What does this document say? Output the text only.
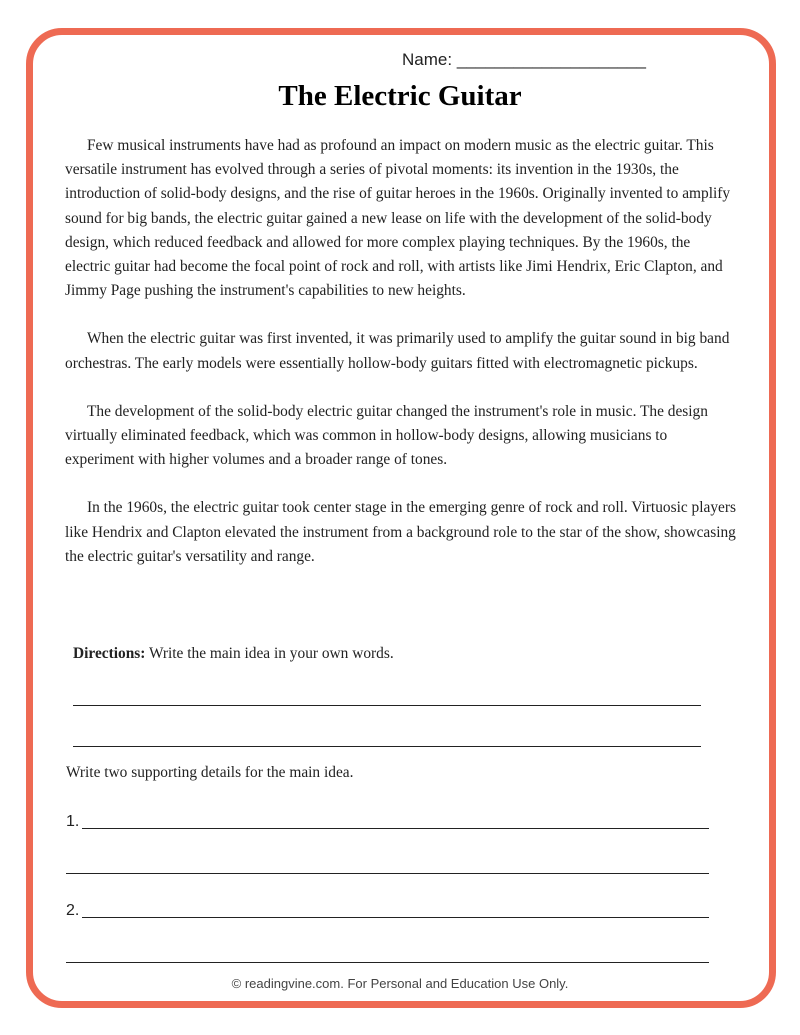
Name: ____________________
The Electric Guitar

Few musical instruments have had as profound an impact on modern music as the electric guitar. This versatile instrument has evolved through a series of pivotal moments: its invention in the 1930s, the introduction of solid-body designs, and the rise of guitar heroes in the 1960s. Originally invented to amplify sound for big bands, the electric guitar gained a new lease on life with the development of the solid-body design, which reduced feedback and allowed for more complex playing techniques. By the 1960s, the electric guitar had become the focal point of rock and roll, with artists like Jimi Hendrix, Eric Clapton, and Jimmy Page pushing the instrument's capabilities to new heights.

When the electric guitar was first invented, it was primarily used to amplify the guitar sound in big band orchestras. The early models were essentially hollow-body guitars fitted with electromagnetic pickups.

The development of the solid-body electric guitar changed the instrument's role in music. The design virtually eliminated feedback, which was common in hollow-body designs, allowing musicians to experiment with higher volumes and a broader range of tones.

In the 1960s, the electric guitar took center stage in the emerging genre of rock and roll. Virtuosic players like Hendrix and Clapton elevated the instrument from a background role to the star of the show, showcasing the electric guitar's versatility and range.

Directions: Write the main idea in your own words.
Write two supporting details for the main idea.
1.
2.
© readingvine.com. For Personal and Education Use Only.
